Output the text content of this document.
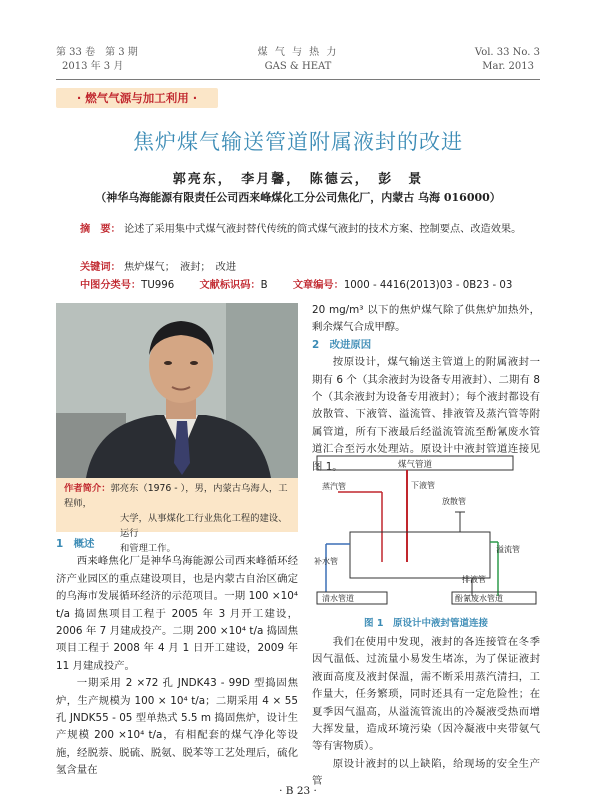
第 33 卷　第 3 期
2013 年 3 月
煤 气 与 热 力
GAS & HEAT
Vol. 33 No. 3
Mar. 2013
· 燃气气源与加工利用 ·
焦炉煤气输送管道附属液封的改进
郭亮东，　李月馨，　陈德云，　彭　景
（神华乌海能源有限责任公司西来峰煤化工分公司焦化厂，内蒙古 乌海 016000）
摘　要： 论述了采用集中式煤气液封替代传统的筒式煤气液封的技术方案、控制要点、改造效果。
关键词： 焦炉煤气；　液封；　改进
中图分类号：TU996 文献标识码：B 文章编号：1000 - 4416(2013)03 - 0B23 - 03
作者简介：郭亮东（1976 - ），男，内蒙古乌海人，工程师，
大学，从事煤化工行业焦化工程的建设、运行
和管理工作。

1　概述

西来峰焦化厂是神华乌海能源公司西来峰循环经济产业园区的重点建设项目，也是内蒙古自治区确定的乌海市发展循环经济的示范项目。一期 100 ×10⁴ t/a 捣固焦项目工程于 2005 年 3 月开工建设，2006 年 7 月建成投产。二期 200 ×10⁴ t/a 捣固焦项目工程于 2008 年 4 月 1 日开工建设，2009 年 11 月建成投产。

一期采用 2 ×72 孔 JNDK43 - 99D 型捣固焦炉，生产规模为 100 × 10⁴ t/a；二期采用 4 × 55 孔 JNDK55 - 05 型单热式 5.5 m 捣固焦炉，设计生产规模 200 ×10⁴ t/a，有相配套的煤气净化等设施，经脱萘、脱硫、脱氨、脱苯等工艺处理后，硫化氢含量在

20 mg/m³ 以下的焦炉煤气除了供焦炉加热外，剩余煤气合成甲醇。

2　改进原因

按原设计，煤气输送主管道上的附属液封一期有 6 个（其余液封为设备专用液封）、二期有 8 个（其余液封为设备专用液封）；每个液封都设有放散管、下液管、溢流管、排液管及蒸汽管等附属管道，所有下液最后经溢流管流至酚氰废水管道汇合至污水处理站。原设计中液封管道连接见图 1。	煤气管道
下液管
蒸汽管
放散管
补水管
溢流管
排液管
清水管道	酚氰废水管道
图 1　原设计中液封管道连接

我们在使用中发现，液封的各连接管在冬季因气温低、过流量小易发生堵冻，为了保证液封液面高度及液封保温，需不断采用蒸汽清扫，工作量大，任务繁琐，同时还具有一定危险性；在夏季因气温高，从溢流管流出的冷凝液受热而增大挥发量，造成环境污染（因冷凝液中夹带氨气等有害物质）。

原设计液封的以上缺陷，给现场的安全生产管

· B 23 ·
